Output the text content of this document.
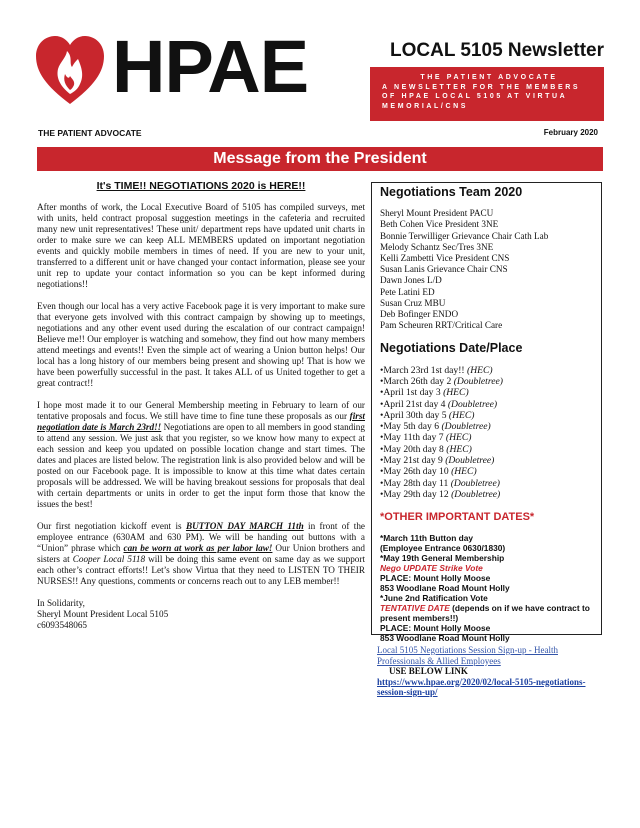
HPAE
THE PATIENT ADVOCATE
LOCAL 5105 Newsletter
THE PATIENT ADVOCATE
A NEWSLETTER FOR THE MEMBERS
OF HPAE LOCAL 5105 AT VIRTUA
MEMORIAL/CNS
February 2020
Message from the President
It's TIME!! NEGOTIATIONS 2020 is HERE!!

After months of work, the Local Executive Board of 5105 has compiled surveys, met with units, held contract proposal suggestion meetings in the cafeteria and recruited many new unit representatives! These unit/ department reps have updated unit charts in order to make sure we can keep ALL MEMBERS updated on important negotiation events and quickly mobile members in times of need. If you are new to your unit, transferred to a different unit or have changed your contact information, please see your unit rep to update your contact information so you can be kept informed during negotiations!!

Even though our local has a very active Facebook page it is very important to make sure that everyone gets involved with this contract campaign by showing up to meetings, negotiations and any other event used during the escalation of our contract campaign! Believe me!! Our employer is watching and somehow, they find out how many members attend meetings and events!! Even the simple act of wearing a Union button helps! Our local has a long history of our members being present and showing up! That is how we have been powerfully successful in the past. It takes ALL of us United together to get a great contract!!

I hope most made it to our General Membership meeting in February to learn of our tentative proposals and focus. We still have time to fine tune these proposals as our first negotiation date is March 23rd!! Negotiations are open to all members in good standing to attend any session. We just ask that you register, so we know how many to expect at each session and keep you updated on possible location change and start times. The dates and places are listed below. The registration link is also provided below and will be posted on our Facebook page. It is impossible to know at this time what dates certain proposals will be addressed. We will be having breakout sessions for proposals that deal with certain departments or units in order to get the input form those that know the issues the best!

Our first negotiation kickoff event is BUTTON DAY MARCH 11th in front of the employee entrance (630AM and 630 PM). We will be handing out buttons with a “Union” phrase which can be worn at work as per labor law! Our Union brothers and sisters at Cooper Local 5118 will be doing this same event on same day as we support each other’s contract efforts!! Let’s show Virtua that they need to LISTEN TO THEIR NURSES!! Any questions, comments or concerns reach out to any LEB member!!

In Solidarity,

Sheryl Mount President Local 5105

c6093548065

Negotiations Team 2020
Sheryl Mount President PACU
Beth Cohen Vice President 3NE
Bonnie Terwilliger Grievance Chair Cath Lab
Melody Schantz Sec/Tres 3NE
Kelli Zambetti Vice President CNS
Susan Lanis Grievance Chair CNS
Dawn Jones L/D
Pete Latini ED
Susan Cruz MBU
Deb Bofinger ENDO
Pam Scheuren RRT/Critical Care
Negotiations Date/Place
•March 23rd 1st day!! (HEC)
•March 26th day 2 (Doubletree)
•April 1st day 3 (HEC)
•April 21st day 4 (Doubletree)
•April 30th day 5 (HEC)
•May 5th day 6 (Doubletree)
•May 11th day 7 (HEC)
•May 20th day 8 (HEC)
•May 21st day 9 (Doubletree)
•May 26th day 10 (HEC)
•May 28th day 11 (Doubletree)
•May 29th day 12 (Doubletree)
*OTHER IMPORTANT DATES*
*March 11th Button day
(Employee Entrance 0630/1830)
*May 19th General Membership
Nego UPDATE Strike Vote
PLACE: Mount Holly Moose
853 Woodlane Road Mount Holly
*June 2nd Ratification Vote
TENTATIVE DATE (depends on if we have contract to present members!!)
PLACE: Mount Holly Moose
853 Woodlane Road Mount Holly
Local 5105 Negotiations Session Sign-up - Health Professionals & Allied Employees
USE BELOW LINK
https://www.hpae.org/2020/02/local-5105-negotiations-session-sign-up/
